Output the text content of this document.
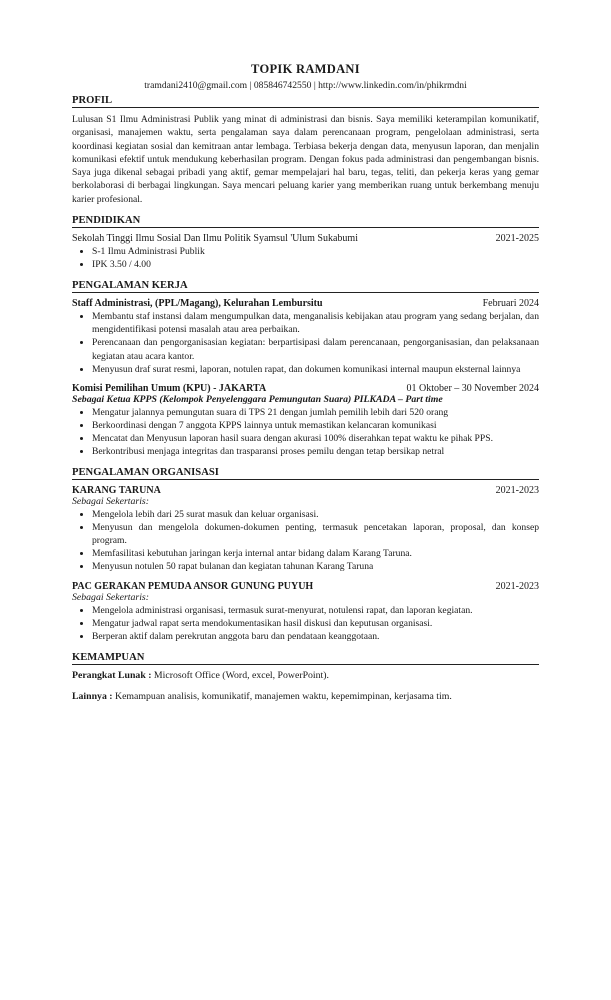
TOPIK RAMDANI
tramdani2410@gmail.com | 085846742550 | http://www.linkedin.com/in/phikrmdni
PROFIL

Lulusan S1 Ilmu Administrasi Publik yang minat di administrasi dan bisnis. Saya memiliki keterampilan komunikatif, organisasi, manajemen waktu, serta pengalaman saya dalam perencanaan program, pengelolaan administrasi, serta koordinasi kegiatan sosial dan kemitraan antar lembaga. Terbiasa bekerja dengan data, menyusun laporan, dan menjalin komunikasi efektif untuk mendukung keberhasilan program. Dengan fokus pada administrasi dan pengembangan bisnis. Saya juga dikenal sebagai pribadi yang aktif, gemar mempelajari hal baru, tegas, teliti, dan pekerja keras yang gemar berkolaborasi di berbagai lingkungan. Saya mencari peluang karier yang memberikan ruang untuk berkembang menuju karier profesional.

PENDIDIKAN
Sekolah Tinggi Ilmu Sosial Dan Ilmu Politik Syamsul 'Ulum Sukabumi	2021-2025
• S-1 Ilmu Administrasi Publik
• IPK 3.50 / 4.00
PENGALAMAN KERJA
Staff Administrasi, (PPL/Magang), Kelurahan Lembursitu	Februari 2024
• Membantu staf instansi dalam mengumpulkan data, menganalisis kebijakan atau program yang sedang berjalan, dan mengidentifikasi potensi masalah atau area perbaikan.
• Perencanaan dan pengorganisasian kegiatan: berpartisipasi dalam perencanaan, pengorganisasian, dan pelaksanaan kegiatan atau acara kantor.
• Menyusun draf surat resmi, laporan, notulen rapat, dan dokumen komunikasi internal maupun eksternal lainnya
Komisi Pemilihan Umum (KPU) - JAKARTA	01 Oktober – 30 November 2024
Sebagai Ketua KPPS (Kelompok Penyelenggara Pemungutan Suara) PILKADA – Part time
• Mengatur jalannya pemungutan suara di TPS 21 dengan jumlah pemilih lebih dari 520 orang
• Berkoordinasi dengan 7 anggota KPPS lainnya untuk memastikan kelancaran komunikasi
• Mencatat dan Menyusun laporan hasil suara dengan akurasi 100% diserahkan tepat waktu ke pihak PPS.
• Berkontribusi menjaga integritas dan trasparansi proses pemilu dengan tetap bersikap netral
PENGALAMAN ORGANISASI
KARANG TARUNA	2021-2023
Sebagai Sekertaris:
• Mengelola lebih dari 25 surat masuk dan keluar organisasi.
• Menyusun dan mengelola dokumen-dokumen penting, termasuk pencetakan laporan, proposal, dan konsep program.
• Memfasilitasi kebutuhan jaringan kerja internal antar bidang dalam Karang Taruna.
• Menyusun notulen 50 rapat bulanan dan kegiatan tahunan Karang Taruna
PAC GERAKAN PEMUDA ANSOR GUNUNG PUYUH	2021-2023
Sebagai Sekertaris:
• Mengelola administrasi organisasi, termasuk surat-menyurat, notulensi rapat, dan laporan kegiatan.
• Mengatur jadwal rapat serta mendokumentasikan hasil diskusi dan keputusan organisasi.
• Berperan aktif dalam perekrutan anggota baru dan pendataan keanggotaan.
KEMAMPUAN
Perangkat Lunak : Microsoft Office (Word, excel, PowerPoint).
Lainnya : Kemampuan analisis, komunikatif, manajemen waktu, kepemimpinan, kerjasama tim.
